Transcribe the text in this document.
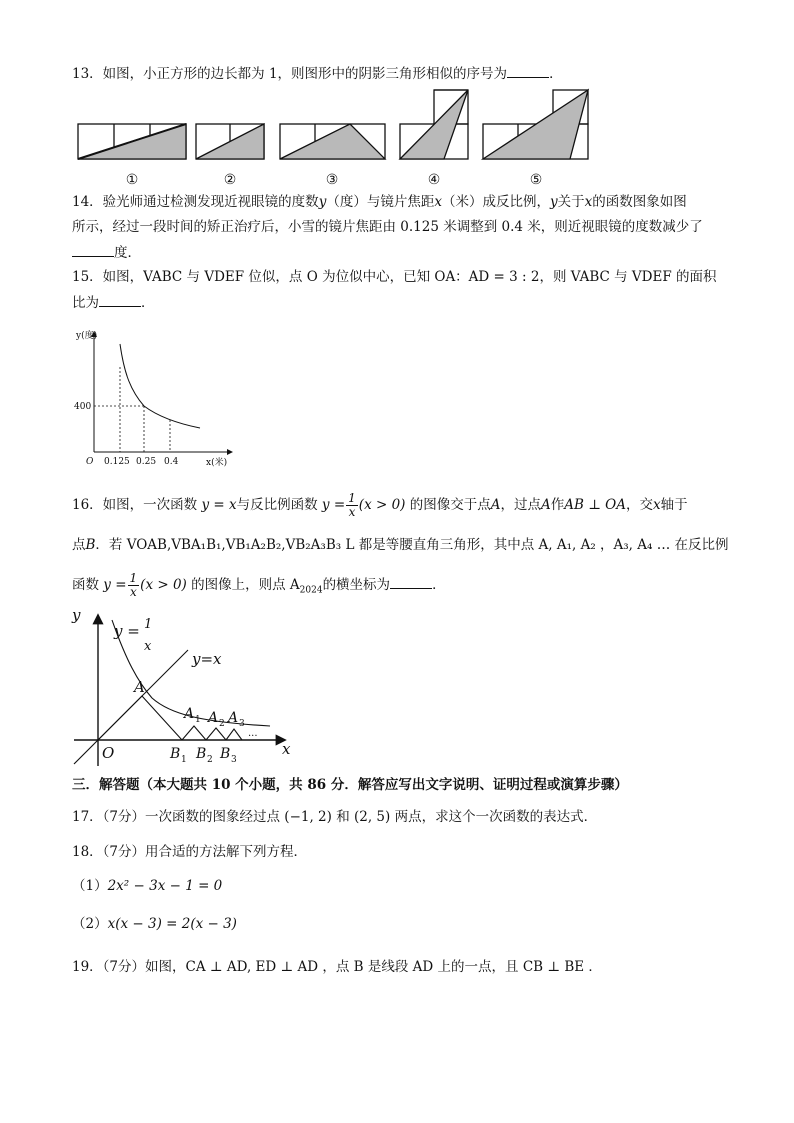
13．如图，小正方形的边长都为 1，则图形中的阴影三角形相似的序号为	．
①	②	③	④	⑤
14．验光师通过检测发现近视眼镜的度数y（度）与镜片焦距x（米）成反比例，y关于x的函数图象如图
所示，经过一段时间的矫正治疗后，小雪的镜片焦距由 0.125 米调整到 0.4 米，则近视眼镜的度数减少了
度．
15．如图，VABC 与 VDEF 位似，点 O 为位似中心，已知 OA：AD = 3 : 2，则 VABC 与 VDEF 的面积
比为	．
y(度)
x(米)
400
O 0.125 0.25 0.4
16．如图，一次函数 y = x与反比例函数 $y = \frac{1}{x} (x > 0)$ 的图像交于点A，过点A作AB ⊥ OA，交x轴于
点B．若 VOAB,VBA₁B₁,VB₁A₂B₂,VB₂A₃B₃ L 都是等腰直角三角形，其中点 A, A₁, A₂ ，A₃, A₄ … 在反比例
函数 $y = \frac{1}{x} (x > 0)$ 的图像上，则点 $A_{2024}$的横坐标为	．
y
x
O
y = 1
x
y=x
A
A 1 A 2 A 3
B 1 B 2 B 3
...
三．解答题（本大题共 10 个小题，共 86 分．解答应写出文字说明、证明过程或演算步骤）
17．（7分）一次函数的图象经过点 (−1, 2) 和 (2, 5) 两点，求这个一次函数的表达式．
18．（7分）用合适的方法解下列方程．
（1）2x² − 3x − 1 = 0
（2）x(x − 3) = 2(x − 3)
19．（7分）如图，CA ⊥ AD, ED ⊥ AD ，点 B 是线段 AD 上的一点，且 CB ⊥ BE ．
